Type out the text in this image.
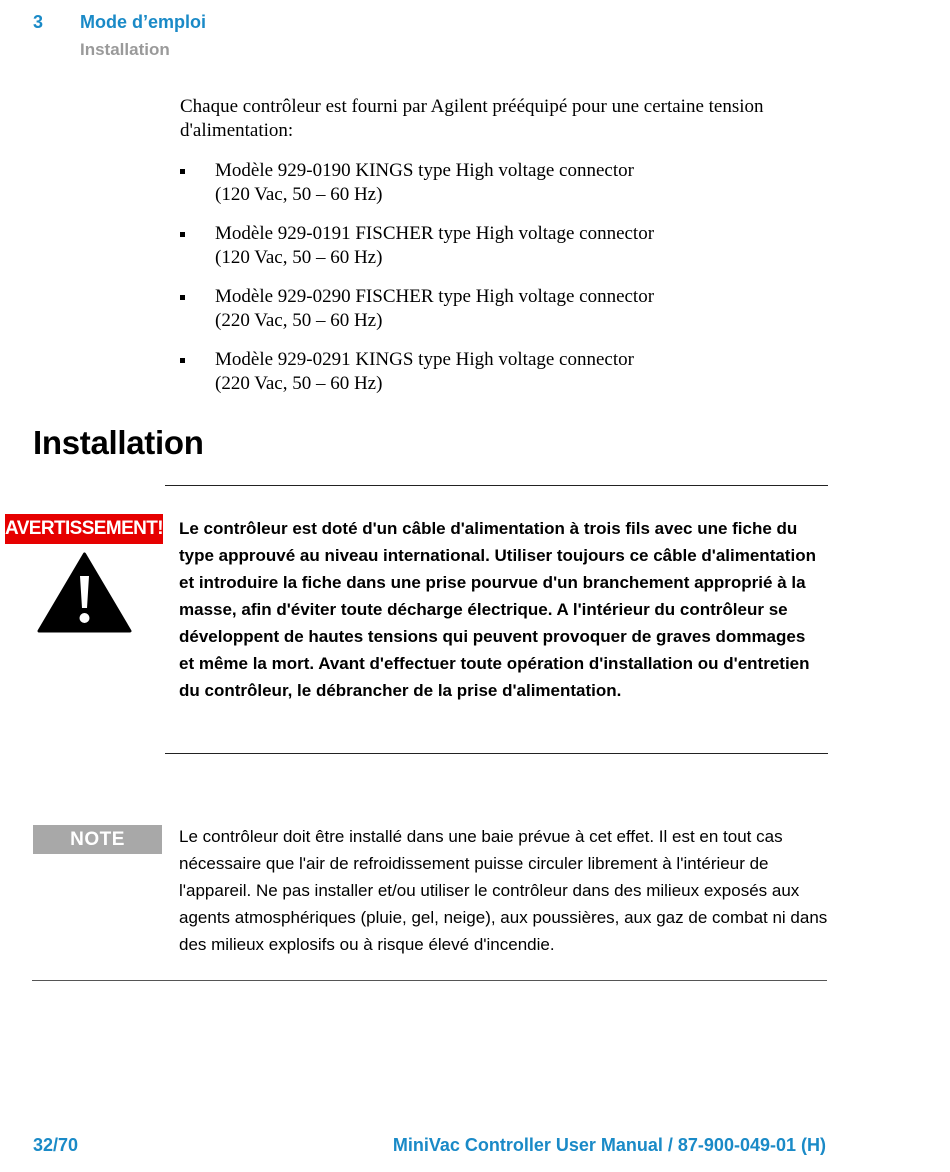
3 Mode d’emploi
Installation
Chaque contrôleur est fourni par Agilent prééquipé pour une certaine tension d'alimentation:
Modèle 929-0190 KINGS type High voltage connector
(120 Vac, 50 – 60 Hz)
Modèle 929-0191 FISCHER type High voltage connector
(120 Vac, 50 – 60 Hz)
Modèle 929-0290 FISCHER type High voltage connector
(220 Vac, 50 – 60 Hz)
Modèle 929-0291 KINGS type High voltage connector
(220 Vac, 50 – 60 Hz)
Installation
AVERTISSEMENT! Le contrôleur est doté d'un câble d'alimentation à trois fils avec une fiche du type approuvé au niveau international. Utiliser toujours ce câble d'alimentation et introduire la fiche dans une prise pourvue d'un branchement approprié à la masse, afin d'éviter toute décharge électrique. A l'intérieur du contrôleur se développent de hautes tensions qui peuvent provoquer de graves dommages et même la mort. Avant d'effectuer toute opération d'installation ou d'entretien du contrôleur, le débrancher de la prise d'alimentation.
NOTE	Le contrôleur doit être installé dans une baie prévue à cet effet. Il est en tout cas nécessaire que l'air de refroidissement puisse circuler librement à l'intérieur de l'appareil. Ne pas installer et/ou utiliser le contrôleur dans des milieux exposés aux agents atmosphériques (pluie, gel, neige), aux poussières, aux gaz de combat ni dans des milieux explosifs ou à risque élevé d'incendie.
32/70	MiniVac Controller User Manual / 87-900-049-01 (H)
